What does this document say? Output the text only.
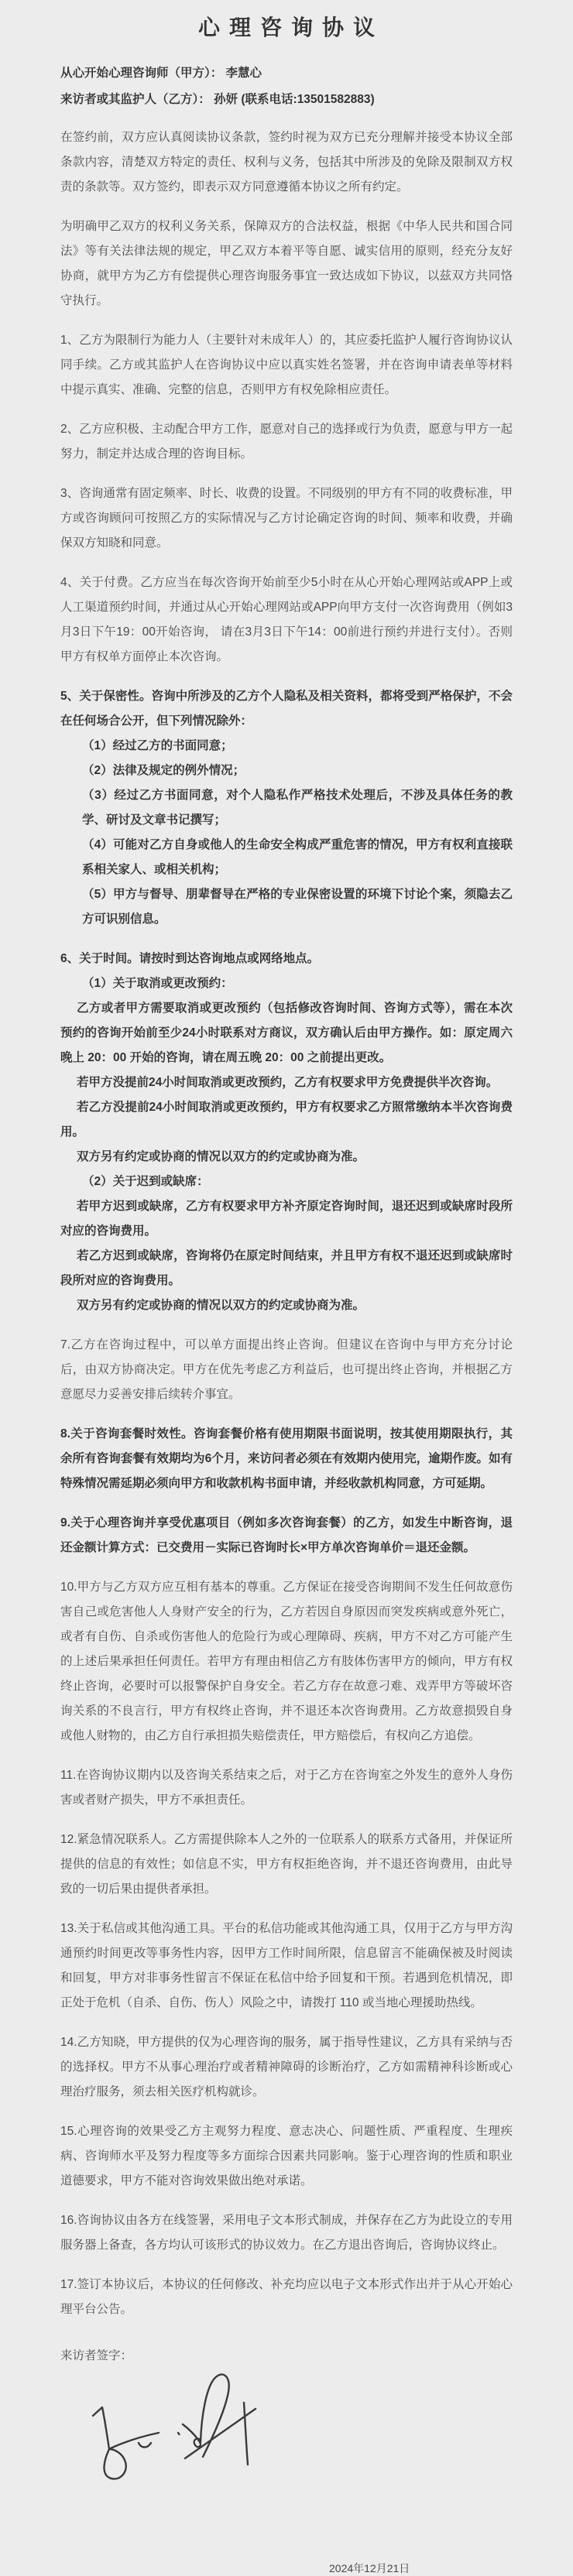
心理咨询协议

从心开始心理咨询师（甲方）： 李慧心

来访者或其监护人（乙方）： 孙妍 (联系电话:13501582883)

在签约前，双方应认真阅读协议条款，签约时视为双方已充分理解并接受本协议全部条款内容，清楚双方特定的责任、权利与义务，包括其中所涉及的免除及限制双方权责的条款等。双方签约，即表示双方同意遵循本协议之所有约定。
为明确甲乙双方的权利义务关系，保障双方的合法权益，根据《中华人民共和国合同法》等有关法律法规的规定，甲乙双方本着平等自愿、诚实信用的原则，经充分友好协商，就甲方为乙方有偿提供心理咨询服务事宜一致达成如下协议，以兹双方共同恪守执行。
1、乙方为限制行为能力人（主要针对未成年人）的，其应委托监护人履行咨询协议认同手续。乙方或其监护人在咨询协议中应以真实姓名签署，并在咨询申请表单等材料中提示真实、准确、完整的信息，否则甲方有权免除相应责任。
2、乙方应积极、主动配合甲方工作，愿意对自己的选择或行为负责，愿意与甲方一起努力，制定并达成合理的咨询目标。
3、咨询通常有固定频率、时长、收费的设置。不同级别的甲方有不同的收费标准，甲方或咨询顾问可按照乙方的实际情况与乙方讨论确定咨询的时间、频率和收费，并确保双方知晓和同意。
4、关于付费。乙方应当在每次咨询开始前至少5小时在从心开始心理网站或APP上或人工渠道预约时间，并通过从心开始心理网站或APP向甲方支付一次咨询费用（例如3月3日下午19：00开始咨询， 请在3月3日下午14：00前进行预约并进行支付）。否则甲方有权单方面停止本次咨询。
5、关于保密性。咨询中所涉及的乙方个人隐私及相关资料，都将受到严格保护，不会在任何场合公开，但下列情况除外：
（1）经过乙方的书面同意；
（2）法律及规定的例外情况；
（3）经过乙方书面同意，对个人隐私作严格技术处理后，不涉及具体任务的教学、研讨及文章书记撰写；
（4）可能对乙方自身或他人的生命安全构成严重危害的情况，甲方有权利直接联系相关家人、或相关机构；
（5）甲方与督导、朋辈督导在严格的专业保密设置的环境下讨论个案，须隐去乙方可识别信息。
6、关于时间。请按时到达咨询地点或网络地点。
（1）关于取消或更改预约：
乙方或者甲方需要取消或更改预约（包括修改咨询时间、咨询方式等），需在本次预约的咨询开始前至少24小时联系对方商议，双方确认后由甲方操作。如：原定周六晚上 20：00 开始的咨询，请在周五晚 20：00 之前提出更改。
若甲方没提前24小时间取消或更改预约，乙方有权要求甲方免费提供半次咨询。
若乙方没提前24小时间取消或更改预约，甲方有权要求乙方照常缴纳本半次咨询费用。
双方另有约定或协商的情况以双方的约定或协商为准。
（2）关于迟到或缺席：
若甲方迟到或缺席，乙方有权要求甲方补齐原定咨询时间，退还迟到或缺席时段所对应的咨询费用。
若乙方迟到或缺席，咨询将仍在原定时间结束，并且甲方有权不退还迟到或缺席时段所对应的咨询费用。
双方另有约定或协商的情况以双方的约定或协商为准。
7.乙方在咨询过程中，可以单方面提出终止咨询。但建议在咨询中与甲方充分讨论后，由双方协商决定。甲方在优先考虑乙方利益后，也可提出终止咨询，并根据乙方意愿尽力妥善安排后续转介事宜。
8.关于咨询套餐时效性。咨询套餐价格有使用期限书面说明，按其使用期限执行，其余所有咨询套餐有效期均为6个月，来访问者必须在有效期内使用完，逾期作废。如有特殊情况需延期必须向甲方和收款机构书面申请，并经收款机构同意，方可延期。
9.关于心理咨询并享受优惠项目（例如多次咨询套餐）的乙方，如发生中断咨询，退还金额计算方式：已交费用－实际已咨询时长×甲方单次咨询单价＝退还金额。
10.甲方与乙方双方应互相有基本的尊重。乙方保证在接受咨询期间不发生任何故意伤害自己或危害他人人身财产安全的行为，乙方若因自身原因而突发疾病或意外死亡，或者有自伤、自杀或伤害他人的危险行为或心理障碍、疾病，甲方不对乙方可能产生的上述后果承担任何责任。若甲方有理由相信乙方有肢体伤害甲方的倾向，甲方有权终止咨询，必要时可以报警保护自身安全。若乙方存在故意刁难、戏弄甲方等破坏咨询关系的不良言行，甲方有权终止咨询，并不退还本次咨询费用。乙方故意损毁自身或他人财物的，由乙方自行承担损失赔偿责任，甲方赔偿后，有权向乙方追偿。
11.在咨询协议期内以及咨询关系结束之后，对于乙方在咨询室之外发生的意外人身伤害或者财产损失，甲方不承担责任。
12.紧急情况联系人。乙方需提供除本人之外的一位联系人的联系方式备用，并保证所提供的信息的有效性；如信息不实，甲方有权拒绝咨询，并不退还咨询费用，由此导致的一切后果由提供者承担。
13.关于私信或其他沟通工具。平台的私信功能或其他沟通工具，仅用于乙方与甲方沟通预约时间更改等事务性内容，因甲方工作时间所限，信息留言不能确保被及时阅读和回复，甲方对非事务性留言不保证在私信中给予回复和干预。若遇到危机情况，即正处于危机（自杀、自伤、伤人）风险之中，请拨打 110 或当地心理援助热线。
14.乙方知晓，甲方提供的仅为心理咨询的服务，属于指导性建议，乙方具有采纳与否的选择权。甲方不从事心理治疗或者精神障碍的诊断治疗，乙方如需精神科诊断或心理治疗服务，须去相关医疗机构就诊。
15.心理咨询的效果受乙方主观努力程度、意志决心、问题性质、严重程度、生理疾病、咨询师水平及努力程度等多方面综合因素共同影响。鉴于心理咨询的性质和职业道德要求，甲方不能对咨询效果做出绝对承诺。
16.咨询协议由各方在线签署，采用电子文本形式制成，并保存在乙方为此设立的专用服务器上备查，各方均认可该形式的协议效力。在乙方退出咨询后，咨询协议终止。
17.签订本协议后，本协议的任何修改、补充均应以电子文本形式作出并于从心开始心理平台公告。
来访者签字：
2024年12月21日
